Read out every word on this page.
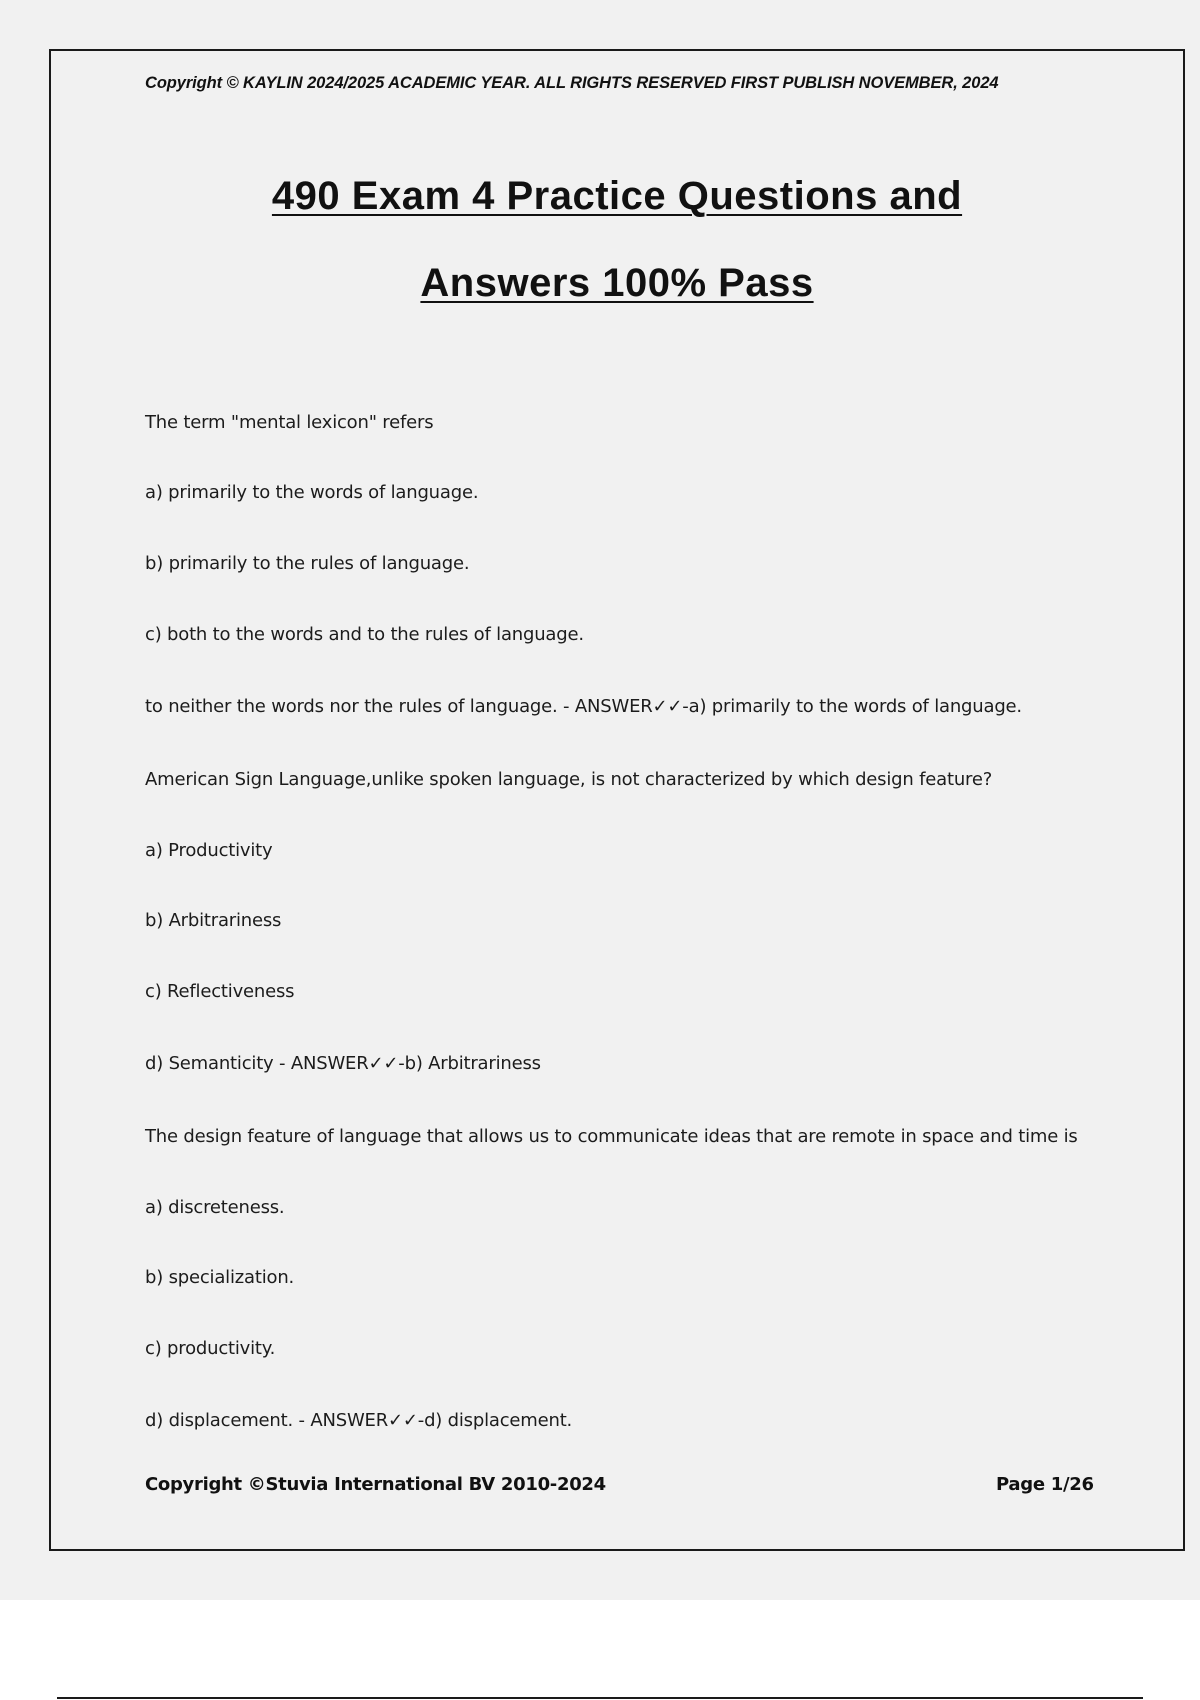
Copyright © KAYLIN 2024/2025 ACADEMIC YEAR. ALL RIGHTS RESERVED FIRST PUBLISH NOVEMBER, 2024
490 Exam 4 Practice Questions and
Answers 100% Pass
The term "mental lexicon" refers
a) primarily to the words of language.
b) primarily to the rules of language.
c) both to the words and to the rules of language.
to neither the words nor the rules of language. - ANSWER✓✓-a) primarily to the words of language.
American Sign Language,unlike spoken language, is not characterized by which design feature?
a) Productivity
b) Arbitrariness
c) Reflectiveness
d) Semanticity - ANSWER✓✓-b) Arbitrariness
The design feature of language that allows us to communicate ideas that are remote in space and time is
a) discreteness.
b) specialization.
c) productivity.
d) displacement. - ANSWER✓✓-d) displacement.
Copyright ©Stuvia International BV 2010-2024	Page 1/26
